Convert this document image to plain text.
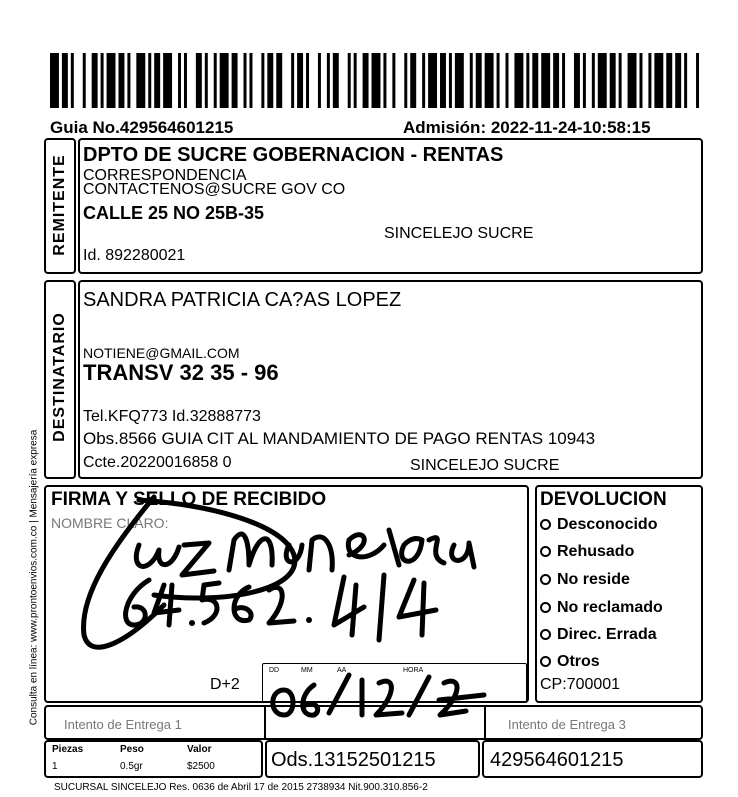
Guia No.429564601215	Admisión: 2022-11-24-10:58:15
REMITENTE DPTO DE SUCRE GOBERNACION - RENTAS
CORRESPONDENCIA
CONTACTENOS@SUCRE GOV CO
CALLE 25 NO 25B-35
SINCELEJO SUCRE
Id. 892280021
DESTINATARIO
SANDRA PATRICIA CA?AS LOPEZ
NOTIENE@GMAIL.COM
TRANSV 32 35 - 96
Tel.KFQ773 Id.32888773
Obs.8566 GUIA CIT AL MANDAMIENTO DE PAGO RENTAS 10943
Ccte.20220016858 0	SINCELEJO SUCRE
Consulta en línea: www.prontoenvios.com.co | Mensajería expresa FIRMA Y SELLO DE RECIBIDO
NOMBRE CLARO:
D+2
DD	MM	AA	HORA
DEVOLUCION
Desconocido
Rehusado
No reside
No reclamado
Direc. Errada
Otros
CP:700001
Intento de Entrega 1	Intento de Entrega 3
Piezas	Peso	Valor
1	0.5gr	$2500	Ods.13152501215	429564601215
SUCURSAL SINCELEJO Res. 0636 de Abril 17 de 2015 2738934 Nit.900.310.856-2
